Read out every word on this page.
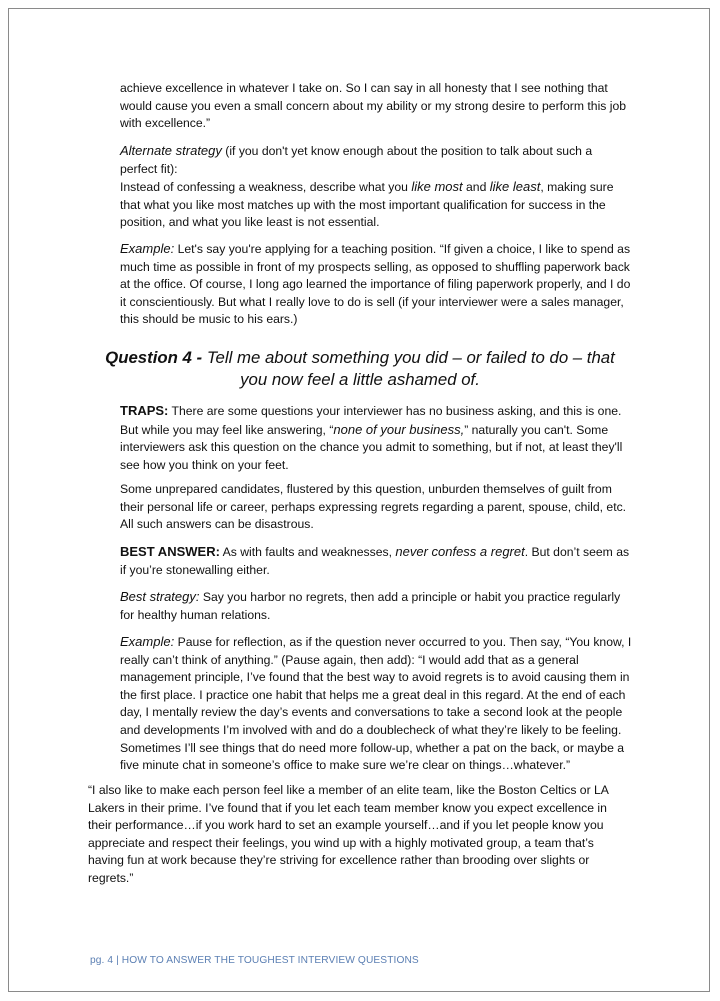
achieve excellence in whatever I take on. So I can say in all honesty that I see nothing that would cause you even a small concern about my ability or my strong desire to perform this job with excellence.”

Alternate strategy (if you don't yet know enough about the position to talk about such a perfect fit):
Instead of confessing a weakness, describe what you like most and like least, making sure that what you like most matches up with the most important qualification for success in the position, and what you like least is not essential.

Example: Let's say you're applying for a teaching position. “If given a choice, I like to spend as much time as possible in front of my prospects selling, as opposed to shuffling paperwork back at the office. Of course, I long ago learned the importance of filing paperwork properly, and I do it conscientiously. But what I really love to do is sell (if your interviewer were a sales manager, this should be music to his ears.)

Question 4 - Tell me about something you did – or failed to do – that
you now feel a little ashamed of.

TRAPS: There are some questions your interviewer has no business asking, and this is one. But while you may feel like answering, “none of your business,” naturally you can't. Some interviewers ask this question on the chance you admit to something, but if not, at least they'll see how you think on your feet.

Some unprepared candidates, flustered by this question, unburden themselves of guilt from their personal life or career, perhaps expressing regrets regarding a parent, spouse, child, etc. All such answers can be disastrous.

BEST ANSWER: As with faults and weaknesses, never confess a regret. But don’t seem as if you’re stonewalling either.

Best strategy: Say you harbor no regrets, then add a principle or habit you practice regularly for healthy human relations.

Example: Pause for reflection, as if the question never occurred to you. Then say, “You know, I really can’t think of anything.” (Pause again, then add): “I would add that as a general management principle, I’ve found that the best way to avoid regrets is to avoid causing them in the first place. I practice one habit that helps me a great deal in this regard. At the end of each day, I mentally review the day’s events and conversations to take a second look at the people and developments I’m involved with and do a doublecheck of what they’re likely to be feeling. Sometimes I’ll see things that do need more follow-up, whether a pat on the back, or maybe a five minute chat in someone’s office to make sure we’re clear on things…whatever.”

“I also like to make each person feel like a member of an elite team, like the Boston Celtics or LA Lakers in their prime. I’ve found that if you let each team member know you expect excellence in their performance…if you work hard to set an example yourself…and if you let people know you appreciate and respect their feelings, you wind up with a highly motivated group, a team that’s having fun at work because they’re striving for excellence rather than brooding over slights or regrets.”

pg. 4 | HOW TO ANSWER THE TOUGHEST INTERVIEW QUESTIONS
